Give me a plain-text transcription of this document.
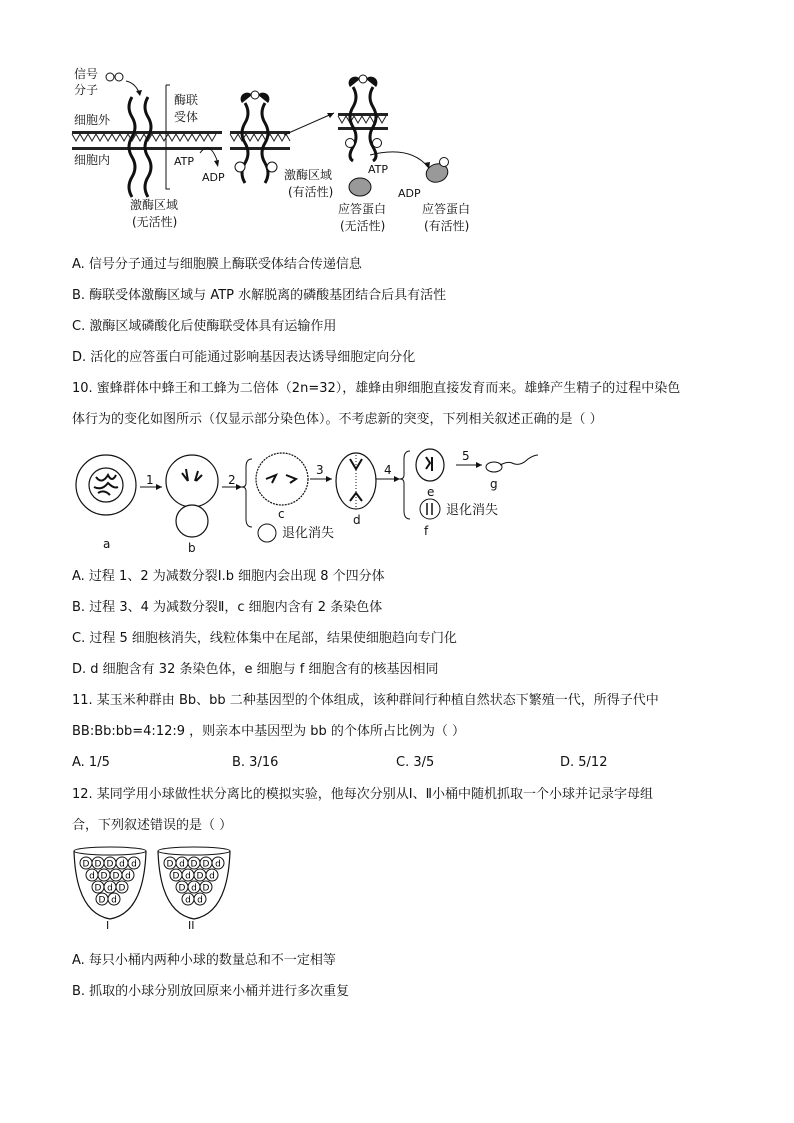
信号
分子
细胞外
细胞内
酶联
受体
ATP
ADP
激酶区域
(无活性)
激酶区域
(有活性)
ATP
ADP
应答蛋白
(无活性)
应答蛋白
(有活性)
A. 信号分子通过与细胞膜上酶联受体结合传递信息
B. 酶联受体激酶区域与 ATP 水解脱离的磷酸基团结合后具有活性
C. 激酶区域磷酸化后使酶联受体具有运输作用
D. 活化的应答蛋白可能通过影响基因表达诱导细胞定向分化
10. 蜜蜂群体中蜂王和工蜂为二倍体（2n=32），雄蜂由卵细胞直接发育而来。雄蜂产生精子的过程中染色
体行为的变化如图所示（仅显示部分染色体）。不考虑新的突变，下列相关叙述正确的是（ ）
a	b
c	d
e
f
g
1	2
3	4
5
退化消失
退化消失
A. 过程 1、2 为减数分裂Ⅰ.b 细胞内会出现 8 个四分体
B. 过程 3、4 为减数分裂Ⅱ，c 细胞内含有 2 条染色体
C. 过程 5 细胞核消失，线粒体集中在尾部，结果使细胞趋向专门化
D. d 细胞含有 32 条染色体，e 细胞与 f 细胞含有的核基因相同
11. 某玉米种群由 Bb、bb 二种基因型的个体组成，该种群间行种植自然状态下繁殖一代，所得子代中
BB:Bb:bb=4:12:9 ，则亲本中基因型为 bb 的个体所占比例为（ ）
A. 1/5	B. 3/16	C. 3/5	D. 5/12
12. 某同学用小球做性状分离比的模拟实验，他每次分别从Ⅰ、Ⅱ小桶中随机抓取一个小球并记录字母组
合，下列叙述错误的是（ ）
D D D d d
d D D d
D d D
D d
D d D D d
D d D d
D d D
d d
I	II
A. 每只小桶内两种小球的数量总和不一定相等
B. 抓取的小球分别放回原来小桶并进行多次重复
